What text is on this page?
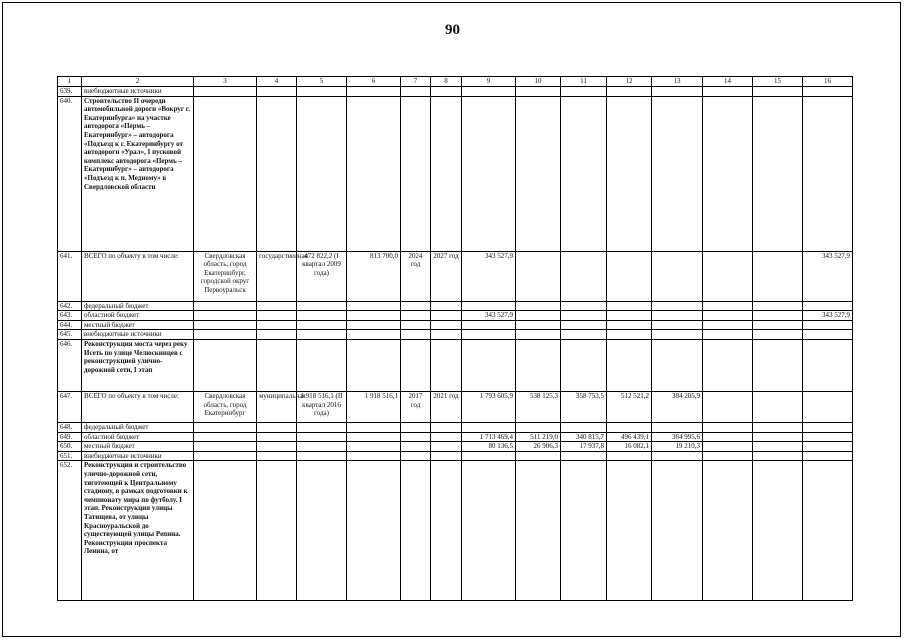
90
1	2	3	4	5	6	7	8	9	10	11	12	13	14	15	16
639.	внебюджетные источники														
640.	Строительство II очереди автомобильной дороги «Вокруг г. Екатеринбурга» на участке автодорога «Пермь – Екатеринбург» – автодорога «Подъезд к г. Екатеринбургу от автодороги «Урал», I пусковой комплекс автодорога «Пермь – Екатеринбург» – автодорога «Подъезд к п. Медному» в Свердловской области														
641.	ВСЕГО по объекту в том числе:	Свердловская область, город Екатеринбург, городской округ Первоуральск	государственная	472 822,2 (I квартал 2009 года)	813 700,0	2024 год	2027 год	343 527,9							343 527,9
642.	федеральный бюджет														
643.	областной бюджет							343 527,9							343 527,9
644.	местный бюджет														
645.	внебюджетные источники														
646.	Реконструкция моста через реку Исеть по улице Челюскинцев с реконструкцией улично-дорожной сети, I этап														
647.	ВСЕГО по объекту в том числе:	Свердловская область, город Екатеринбург	муниципальная	1 918 516,1 (II квартал 2016 года)	1 918 516,1	2017 год	2021 год	1 793 605,9	538 125,3	358 753,5	512 521,2	384 205,9			
648.	федеральный бюджет														
649.	областной бюджет							1 713 469,4	511 219,0	340 815,7	496 439,1	364 995,6			
650.	местный бюджет							80 136,5	26 906,3	17 937,8	16 082,1	19 210,3			
651.	внебюджетные источники														
652.	Реконструкция и строительство улично-дорожной сети, тяготеющей к Центральному стадиону, в рамках подготовки к чемпионату мира по футболу. I этап. Реконструкция улицы Татищева, от улицы Красноуральской до существующей улицы Репина. Реконструкция проспекта Ленина, от														
